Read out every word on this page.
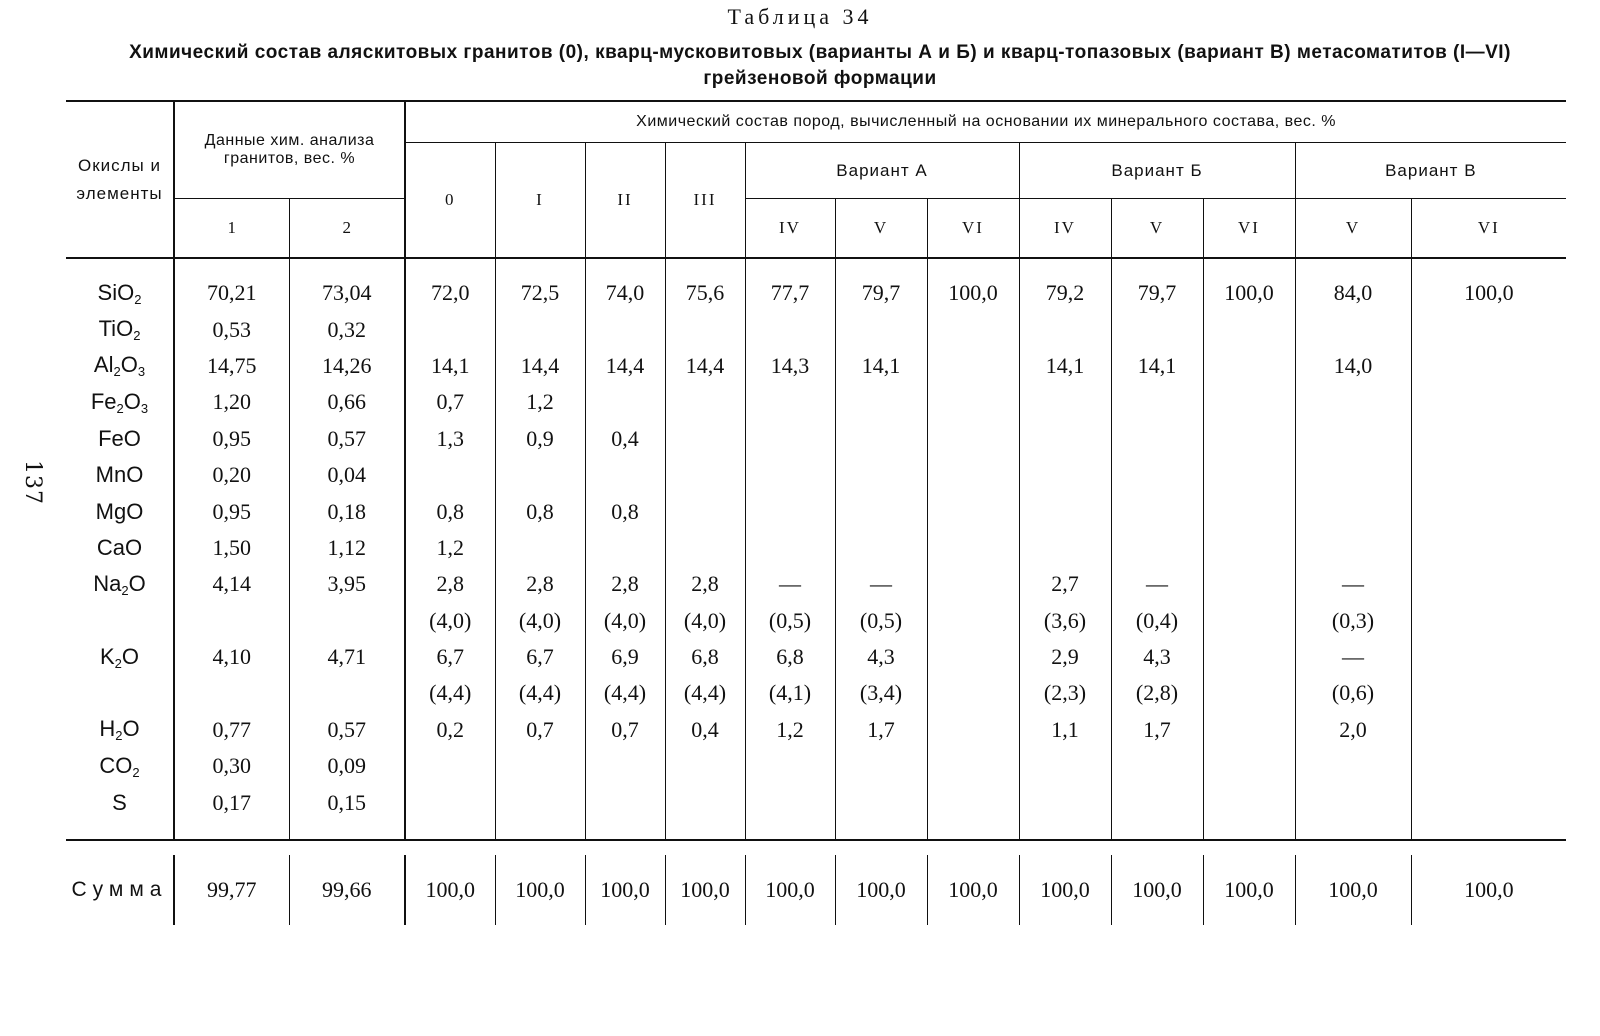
137
Таблица 34
Химический состав аляскитовых гранитов (0), кварц-мусковитовых (варианты А и Б) и кварц-топазовых (вариант В) метасоматитов (I—VI) грейзеновой формации
Окислы и элементы	Данные хим. анализа гранитов, вес. %		Химический состав пород, вычисленный на основании их минерального состава, вес. %											
			0	I	II	III	Вариант А			Вариант Б			Вариант В	
	1	2					IV	V	VI	IV	V	VI	V	VI

SiO$_2$	70,21	73,04	72,0	72,5	74,0	75,6	77,7	79,7	100,0	79,2	79,7	100,0	84,0	100,0
TiO$_2$	0,53	0,32												
$Al_2O_3$	14,75	14,26	14,1	14,4	14,4	14,4	14,3	14,1		14,1	14,1		14,0	
$Fe_2O_3$	1,20	0,66	0,7	1,2										
FeO	0,95	0,57	1,3	0,9	0,4									
MnO	0,20	0,04												
MgO	0,95	0,18	0,8	0,8	0,8									
CaO	1,50	1,12	1,2											
$Na_2O$	4,14	3,95	2,8	2,8	2,8	2,8	—	—		2,7	—		—	
			(4,0)	(4,0)	(4,0)	(4,0)	(0,5)	(0,5)		(3,6)	(0,4)		(0,3)	
$K_2O$	4,10	4,71	6,7	6,7	6,9	6,8	6,8	4,3		2,9	4,3		—	
			(4,4)	(4,4)	(4,4)	(4,4)	(4,1)	(3,4)		(2,3)	(2,8)		(0,6)	
$H_2O$	0,77	0,57	0,2	0,7	0,7	0,4	1,2	1,7		1,1	1,7		2,0	
$CO_2$	0,30	0,09												
S	0,17	0,15												

Сумма	99,77	99,66	100,0	100,0	100,0	100,0	100,0	100,0	100,0	100,0	100,0	100,0	100,0	100,0
